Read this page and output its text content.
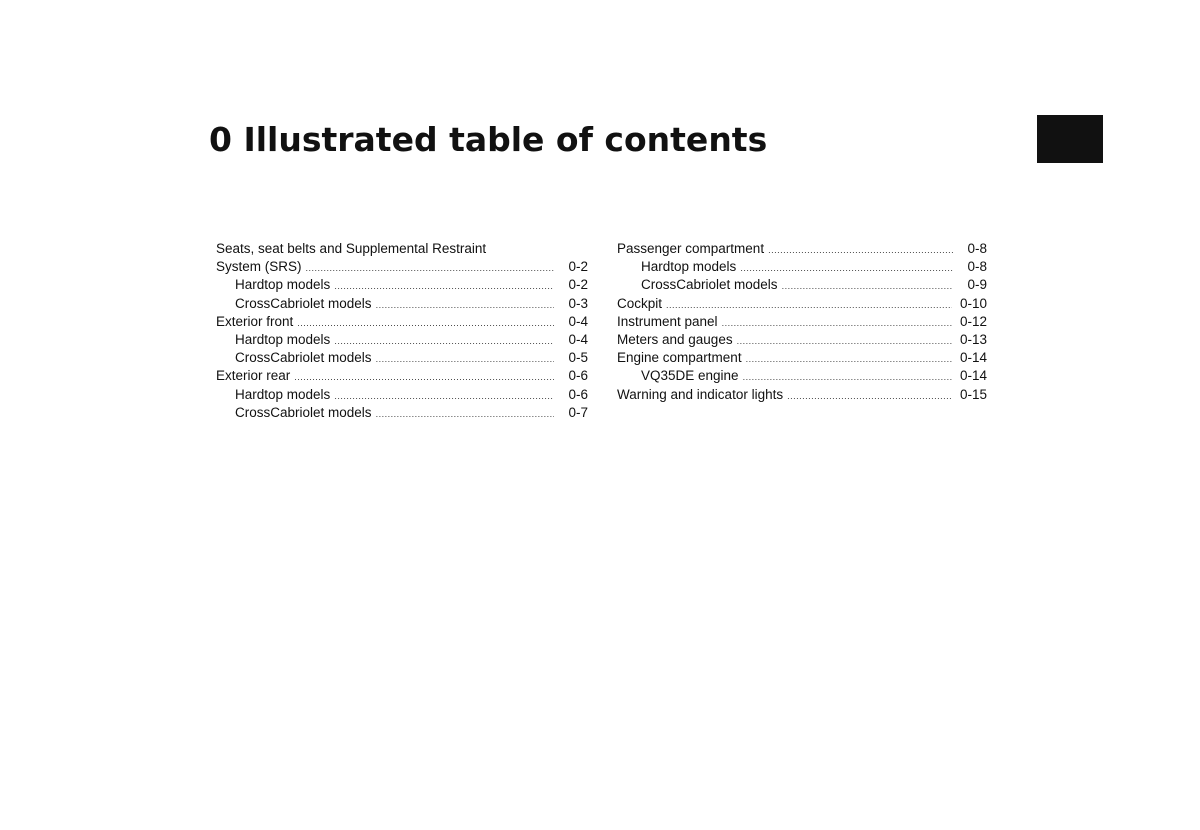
0 Illustrated table of contents
Seats, seat belts and Supplemental Restraint
System (SRS) .....	0-2
Hardtop models .....	0-2
CrossCabriolet models .....	0-3
Exterior front .....	0-4
Hardtop models .....	0-4
CrossCabriolet models .....	0-5
Exterior rear .....	0-6
Hardtop models .....	0-6
CrossCabriolet models .....	0-7
Passenger compartment .....	0-8
Hardtop models .....	0-8
CrossCabriolet models .....	0-9
Cockpit .....	0-10
Instrument panel .....	0-12
Meters and gauges .....	0-13
Engine compartment .....	0-14
VQ35DE engine .....	0-14
Warning and indicator lights .....	0-15
